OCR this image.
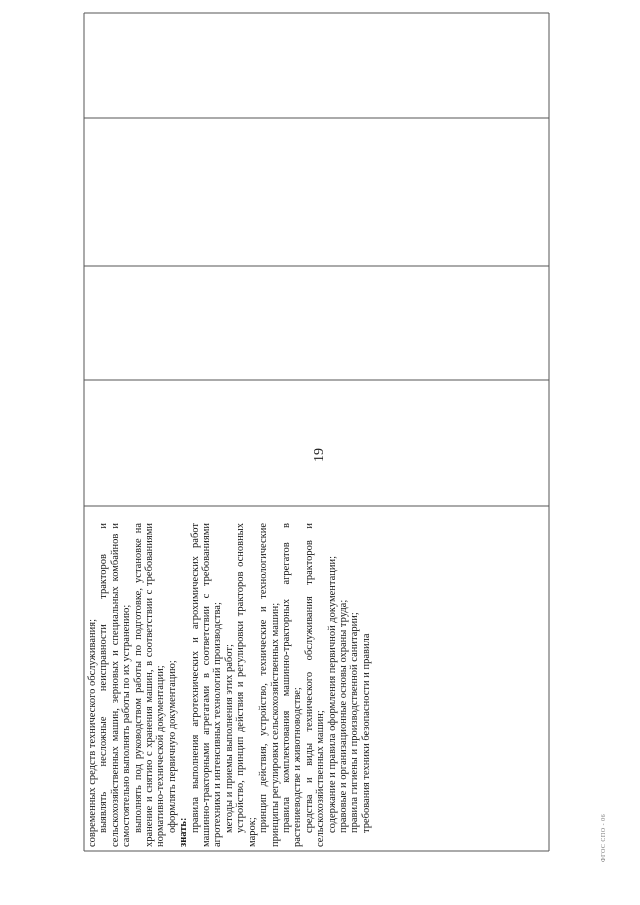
19

современных средств технического обслуживания; выявлять несложные неисправности тракторов и сельскохозяйственных машин, зерновых и специальных комбайнов и самостоятельно выполнять работы по их устранению; выполнять под руководством работы по подготовке, установке на хранение и снятию с хранения машин, в соответствии с требованиями нормативно-технической документации; оформлять первичную документацию; знать: правила выполнения агротехнических и агрохимических работ машинно-тракторными агрегатами в соответствии с требованиями агротехники и интенсивных технологий производства; методы и приемы выполнения этих работ; устройство, принцип действия и регулировки тракторов основных марок; принцип действия, устройство, технические и технологические принципы регулировки сельскохозяйственных машин; правила комплектования машинно-тракторных агрегатов в растениеводстве и животноводстве; средства и виды технического обслуживания тракторов и сельскохозяйственных машин; содержание и правила оформления первичной документации; правовые и организационные основы охраны труда; правила гигиены и производственной санитарии; требования техники безопасности и правила

ФГОС СПО - 06
